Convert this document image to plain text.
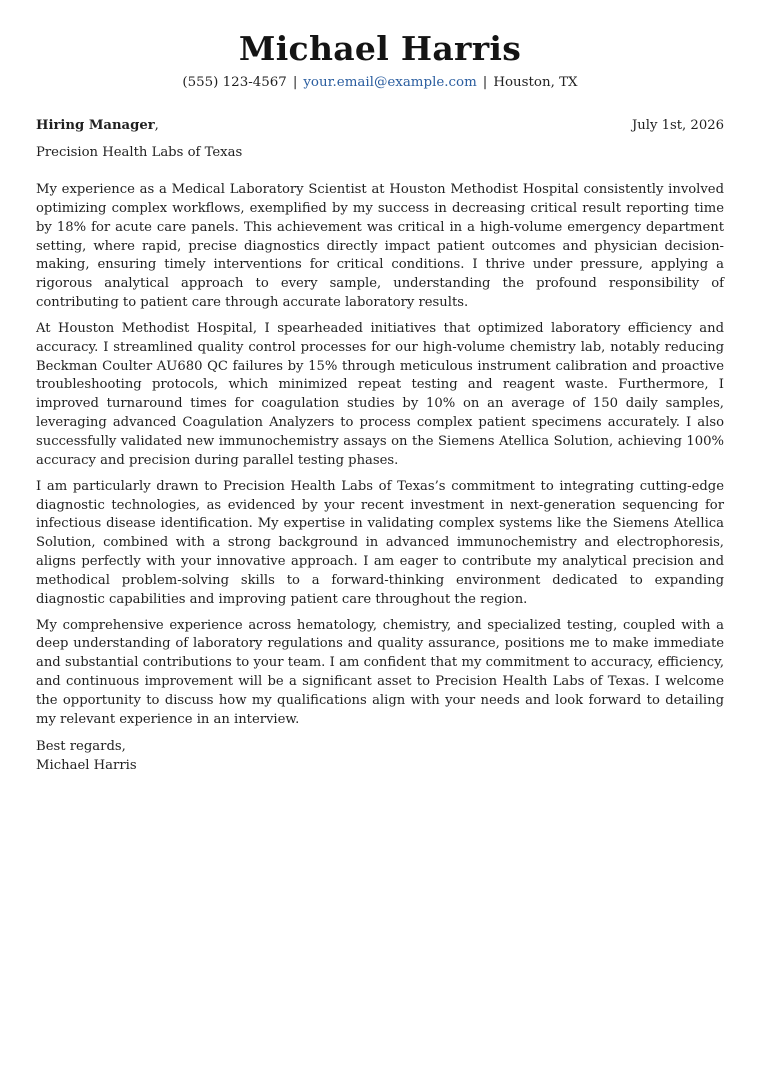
Michael Harris
(555) 123-4567 | your.email@example.com | Houston, TX
Hiring Manager,	July 1st, 2026
Precision Health Labs of Texas

My experience as a Medical Laboratory Scientist at Houston Methodist Hospital consistently involved optimizing complex workflows, exemplified by my success in decreasing critical result reporting time by 18% for acute care panels. This achievement was critical in a high-volume emergency department setting, where rapid, precise diagnostics directly impact patient outcomes and physician decision-making, ensuring timely interventions for critical conditions. I thrive under pressure, applying a rigorous analytical approach to every sample, understanding the profound responsibility of contributing to patient care through accurate laboratory results.

At Houston Methodist Hospital, I spearheaded initiatives that optimized laboratory efficiency and accuracy. I streamlined quality control processes for our high-volume chemistry lab, notably reducing Beckman Coulter AU680 QC failures by 15% through meticulous instrument calibration and proactive troubleshooting protocols, which minimized repeat testing and reagent waste. Furthermore, I improved turnaround times for coagulation studies by 10% on an average of 150 daily samples, leveraging advanced Coagulation Analyzers to process complex patient specimens accurately. I also successfully validated new immunochemistry assays on the Siemens Atellica Solution, achieving 100% accuracy and precision during parallel testing phases.

I am particularly drawn to Precision Health Labs of Texas’s commitment to integrating cutting-edge diagnostic technologies, as evidenced by your recent investment in next-generation sequencing for infectious disease identification. My expertise in validating complex systems like the Siemens Atellica Solution, combined with a strong background in advanced immunochemistry and electrophoresis, aligns perfectly with your innovative approach. I am eager to contribute my analytical precision and methodical problem-solving skills to a forward-thinking environment dedicated to expanding diagnostic capabilities and improving patient care throughout the region.

My comprehensive experience across hematology, chemistry, and specialized testing, coupled with a deep understanding of laboratory regulations and quality assurance, positions me to make immediate and substantial contributions to your team. I am confident that my commitment to accuracy, efficiency, and continuous improvement will be a significant asset to Precision Health Labs of Texas. I welcome the opportunity to discuss how my qualifications align with your needs and look forward to detailing my relevant experience in an interview.

Best regards,
Michael Harris
